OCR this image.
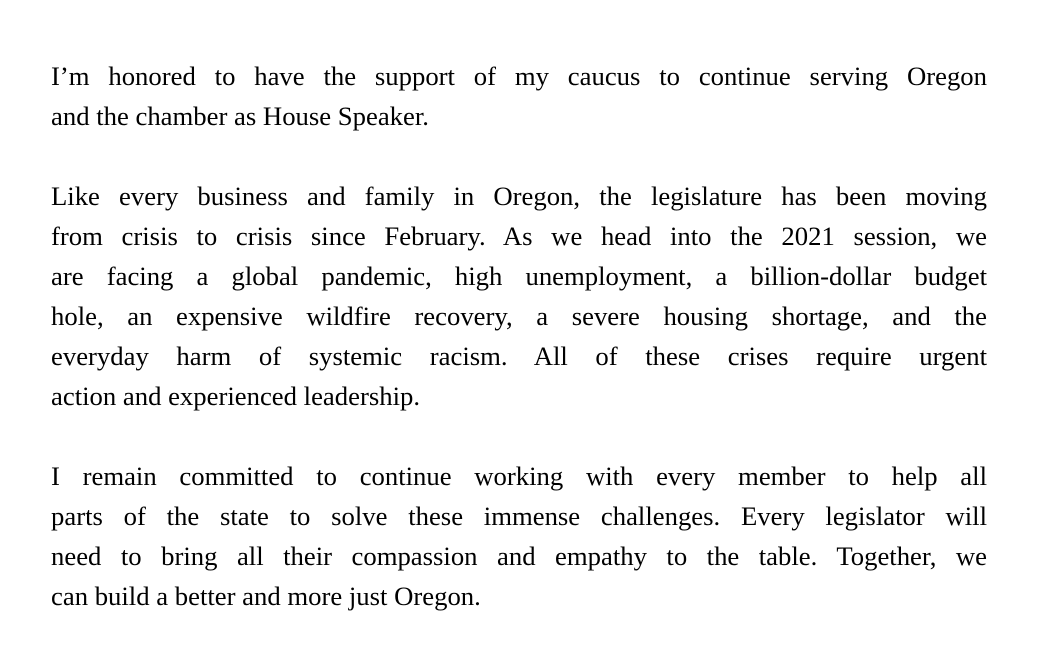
I’m honored to have the support of my caucus to continue serving Oregon
and the chamber as House Speaker.
Like every business and family in Oregon, the legislature has been moving
from crisis to crisis since February. As we head into the 2021 session, we
are facing a global pandemic, high unemployment, a billion-dollar budget
hole, an expensive wildfire recovery, a severe housing shortage, and the
everyday harm of systemic racism. All of these crises require urgent
action and experienced leadership.
I remain committed to continue working with every member to help all
parts of the state to solve these immense challenges. Every legislator will
need to bring all their compassion and empathy to the table. Together, we
can build a better and more just Oregon.
